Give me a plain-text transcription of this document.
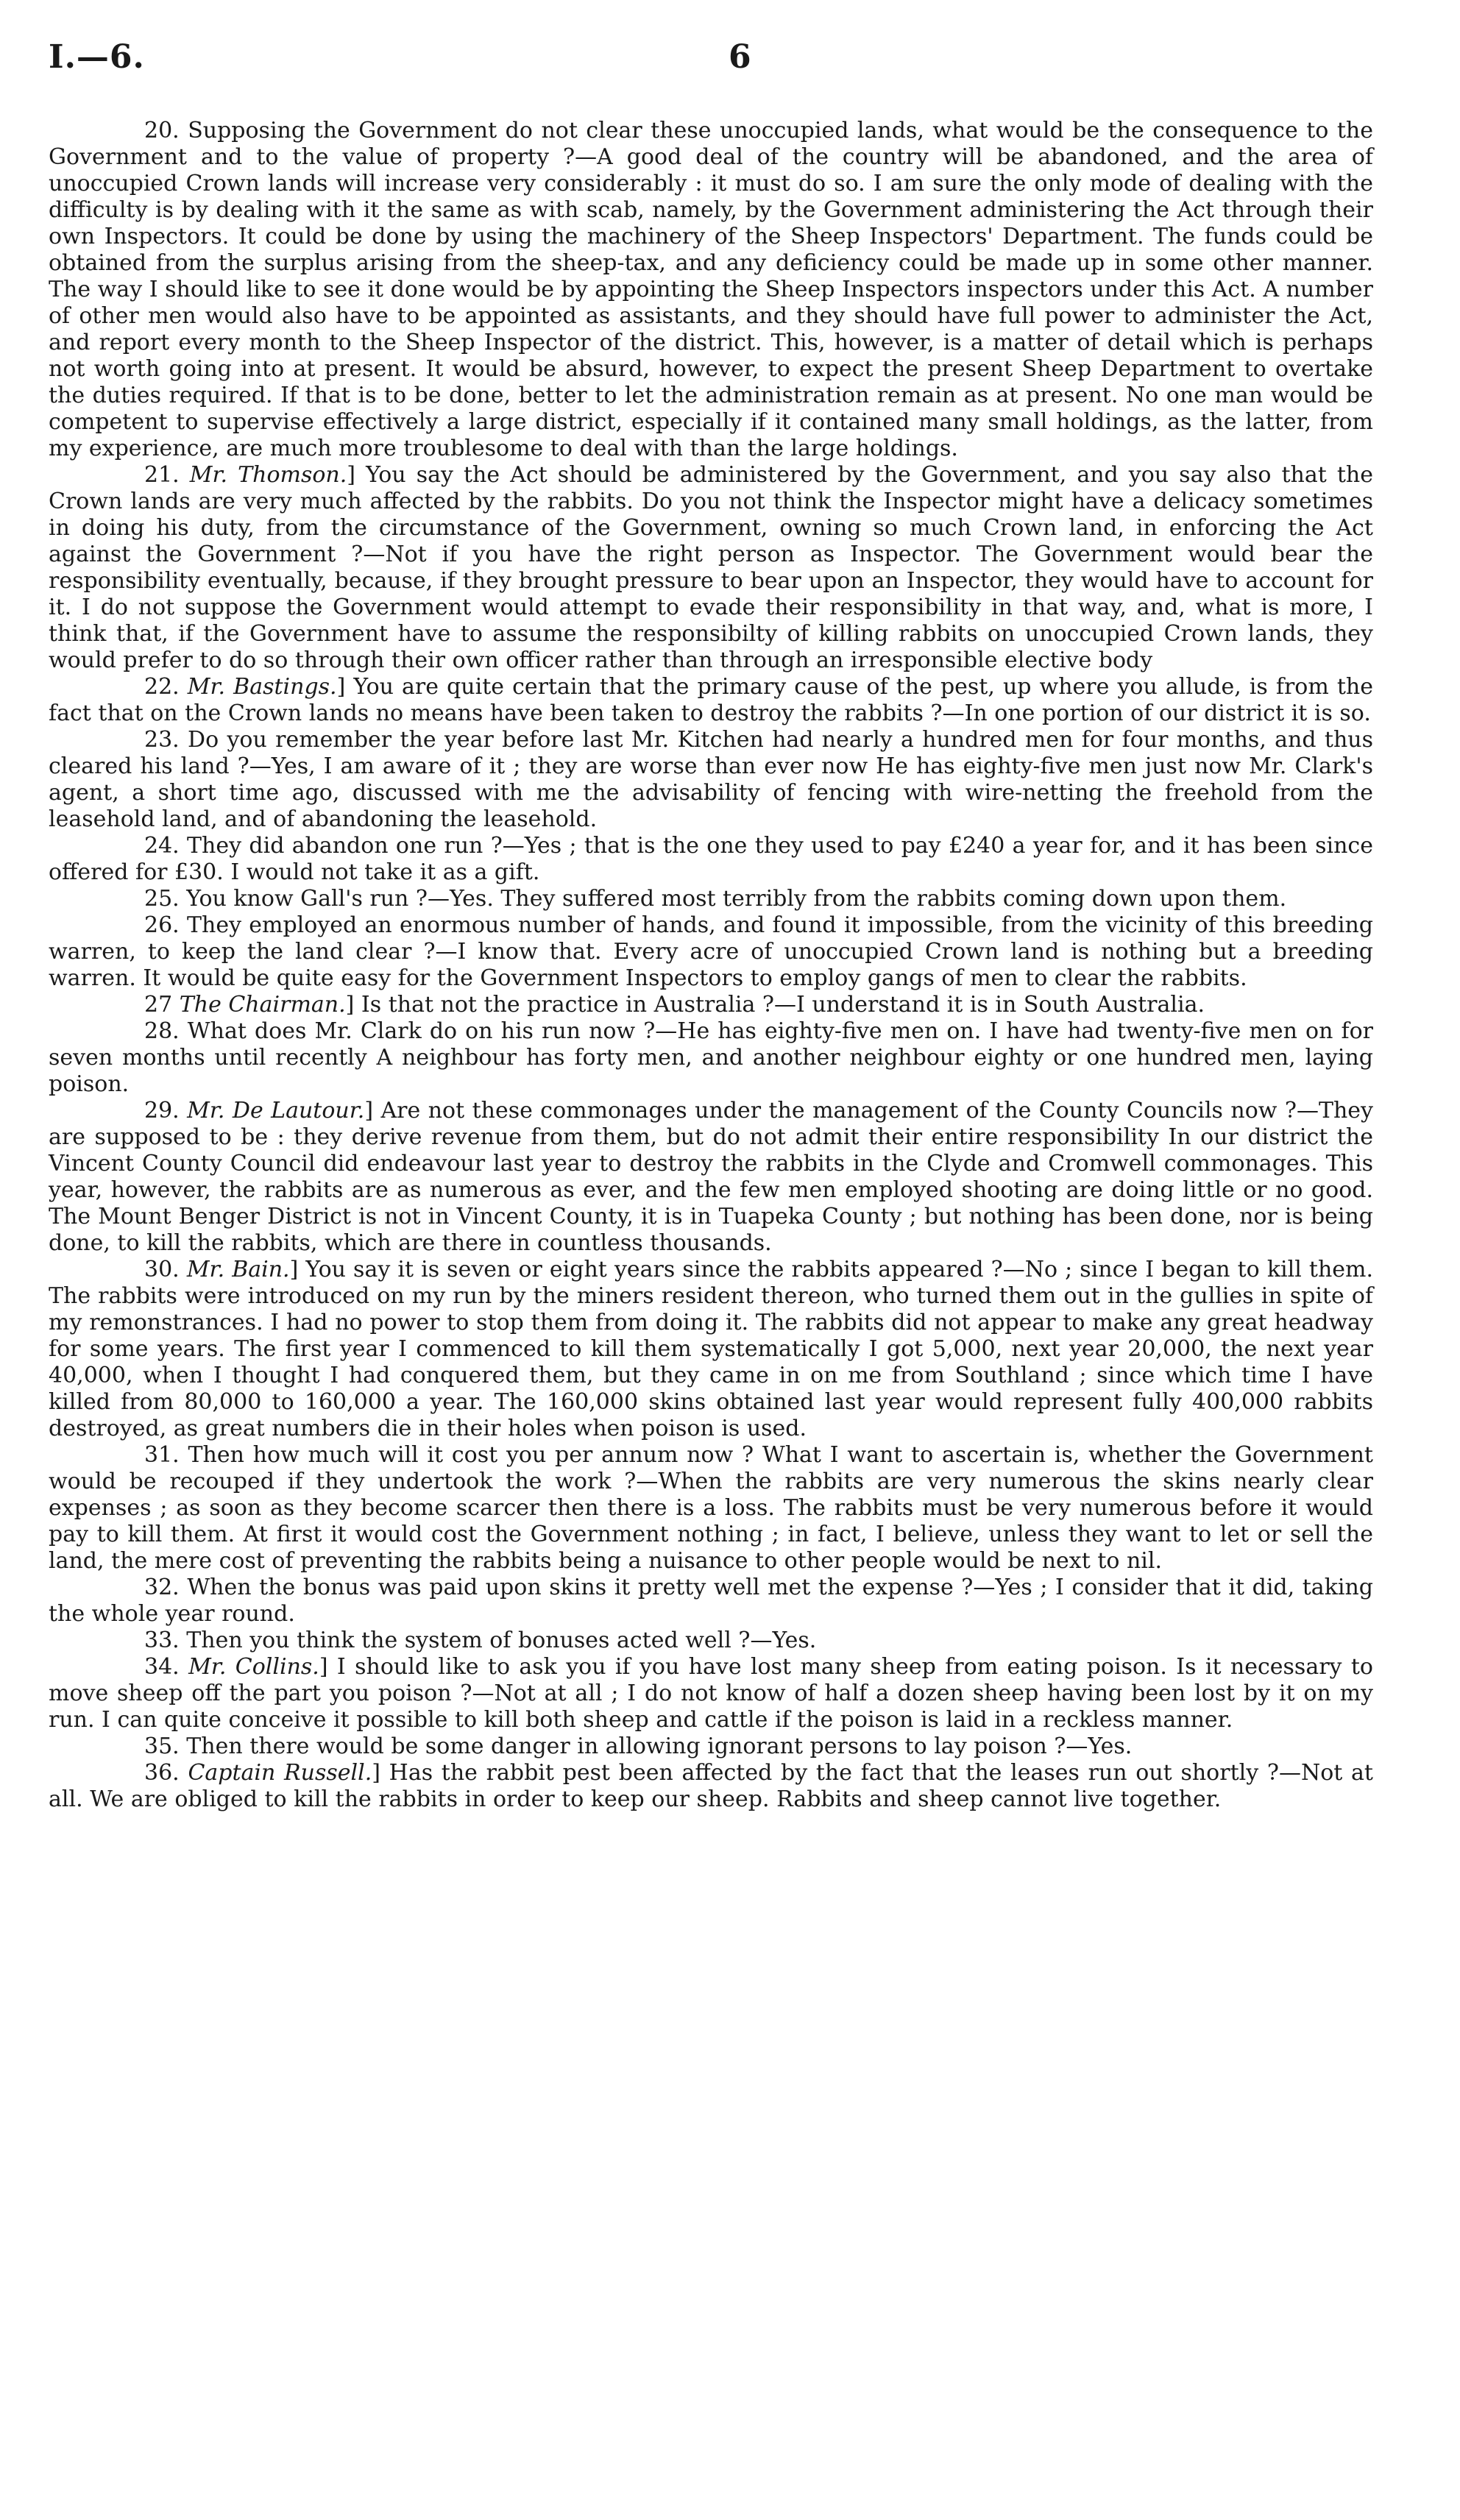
I.—6.	6

20. Supposing the Government do not clear these unoccupied lands, what would be the consequence to the Government and to the value of property ?—A good deal of the country will be abandoned, and the area of unoccupied Crown lands will increase very considerably : it must do so. I am sure the only mode of dealing with the difficulty is by dealing with it the same as with scab, namely, by the Government administering the Act through their own Inspectors. It could be done by using the machinery of the Sheep Inspectors' Department. The funds could be obtained from the surplus arising from the sheep-tax, and any deficiency could be made up in some other manner. The way I should like to see it done would be by appointing the Sheep Inspectors inspectors under this Act. A number of other men would also have to be appointed as assistants, and they should have full power to administer the Act, and report every month to the Sheep Inspector of the district. This, however, is a matter of detail which is perhaps not worth going into at present. It would be absurd, however, to expect the present Sheep Department to overtake the duties required. If that is to be done, better to let the administration remain as at present. No one man would be competent to supervise effectively a large district, especially if it contained many small holdings, as the latter, from my experience, are much more troublesome to deal with than the large holdings.

21. Mr. Thomson.] You say the Act should be administered by the Government, and you say also that the Crown lands are very much affected by the rabbits. Do you not think the Inspector might have a delicacy sometimes in doing his duty, from the circumstance of the Government, owning so much Crown land, in enforcing the Act against the Government ?—Not if you have the right person as Inspector. The Government would bear the responsibility eventually, because, if they brought pressure to bear upon an Inspector, they would have to account for it. I do not suppose the Government would attempt to evade their responsibility in that way, and, what is more, I think that, if the Government have to assume the responsibilty of killing rabbits on unoccupied Crown lands, they would prefer to do so through their own officer rather than through an irresponsible elective body

22. Mr. Bastings.] You are quite certain that the primary cause of the pest, up where you allude, is from the fact that on the Crown lands no means have been taken to destroy the rabbits ?—In one portion of our district it is so.

23. Do you remember the year before last Mr. Kitchen had nearly a hundred men for four months, and thus cleared his land ?—Yes, I am aware of it ; they are worse than ever now He has eighty-five men just now Mr. Clark's agent, a short time ago, discussed with me the advisability of fencing with wire-netting the freehold from the leasehold land, and of abandoning the leasehold.

24. They did abandon one run ?—Yes ; that is the one they used to pay £240 a year for, and it has been since offered for £30. I would not take it as a gift.

25. You know Gall's run ?—Yes. They suffered most terribly from the rabbits coming down upon them.

26. They employed an enormous number of hands, and found it impossible, from the vicinity of this breeding warren, to keep the land clear ?—I know that. Every acre of unoccupied Crown land is nothing but a breeding warren. It would be quite easy for the Government Inspectors to employ gangs of men to clear the rabbits.

27 The Chairman.] Is that not the practice in Australia ?—I understand it is in South Australia.

28. What does Mr. Clark do on his run now ?—He has eighty-five men on. I have had twenty-five men on for seven months until recently A neighbour has forty men, and another neighbour eighty or one hundred men, laying poison.

29. Mr. De Lautour.] Are not these commonages under the management of the County Councils now ?—They are supposed to be : they derive revenue from them, but do not admit their entire responsibility In our district the Vincent County Council did endeavour last year to destroy the rabbits in the Clyde and Cromwell commonages. This year, however, the rabbits are as numerous as ever, and the few men employed shooting are doing little or no good. The Mount Benger District is not in Vincent County, it is in Tuapeka County ; but nothing has been done, nor is being done, to kill the rabbits, which are there in countless thousands.

30. Mr. Bain.] You say it is seven or eight years since the rabbits appeared ?—No ; since I began to kill them. The rabbits were introduced on my run by the miners resident thereon, who turned them out in the gullies in spite of my remonstrances. I had no power to stop them from doing it. The rabbits did not appear to make any great headway for some years. The first year I commenced to kill them systematically I got 5,000, next year 20,000, the next year 40,000, when I thought I had conquered them, but they came in on me from Southland ; since which time I have killed from 80,000 to 160,000 a year. The 160,000 skins obtained last year would represent fully 400,000 rabbits destroyed, as great numbers die in their holes when poison is used.

31. Then how much will it cost you per annum now ? What I want to ascertain is, whether the Government would be recouped if they undertook the work ?—When the rabbits are very numerous the skins nearly clear expenses ; as soon as they become scarcer then there is a loss. The rabbits must be very numerous before it would pay to kill them. At first it would cost the Government nothing ; in fact, I believe, unless they want to let or sell the land, the mere cost of preventing the rabbits being a nuisance to other people would be next to nil.

32. When the bonus was paid upon skins it pretty well met the expense ?—Yes ; I consider that it did, taking the whole year round.

33. Then you think the system of bonuses acted well ?—Yes.

34. Mr. Collins.] I should like to ask you if you have lost many sheep from eating poison. Is it necessary to move sheep off the part you poison ?—Not at all ; I do not know of half a dozen sheep having been lost by it on my run. I can quite conceive it possible to kill both sheep and cattle if the poison is laid in a reckless manner.

35. Then there would be some danger in allowing ignorant persons to lay poison ?—Yes.

36. Captain Russell.] Has the rabbit pest been affected by the fact that the leases run out shortly ?—Not at all. We are obliged to kill the rabbits in order to keep our sheep. Rabbits and sheep cannot live together.
